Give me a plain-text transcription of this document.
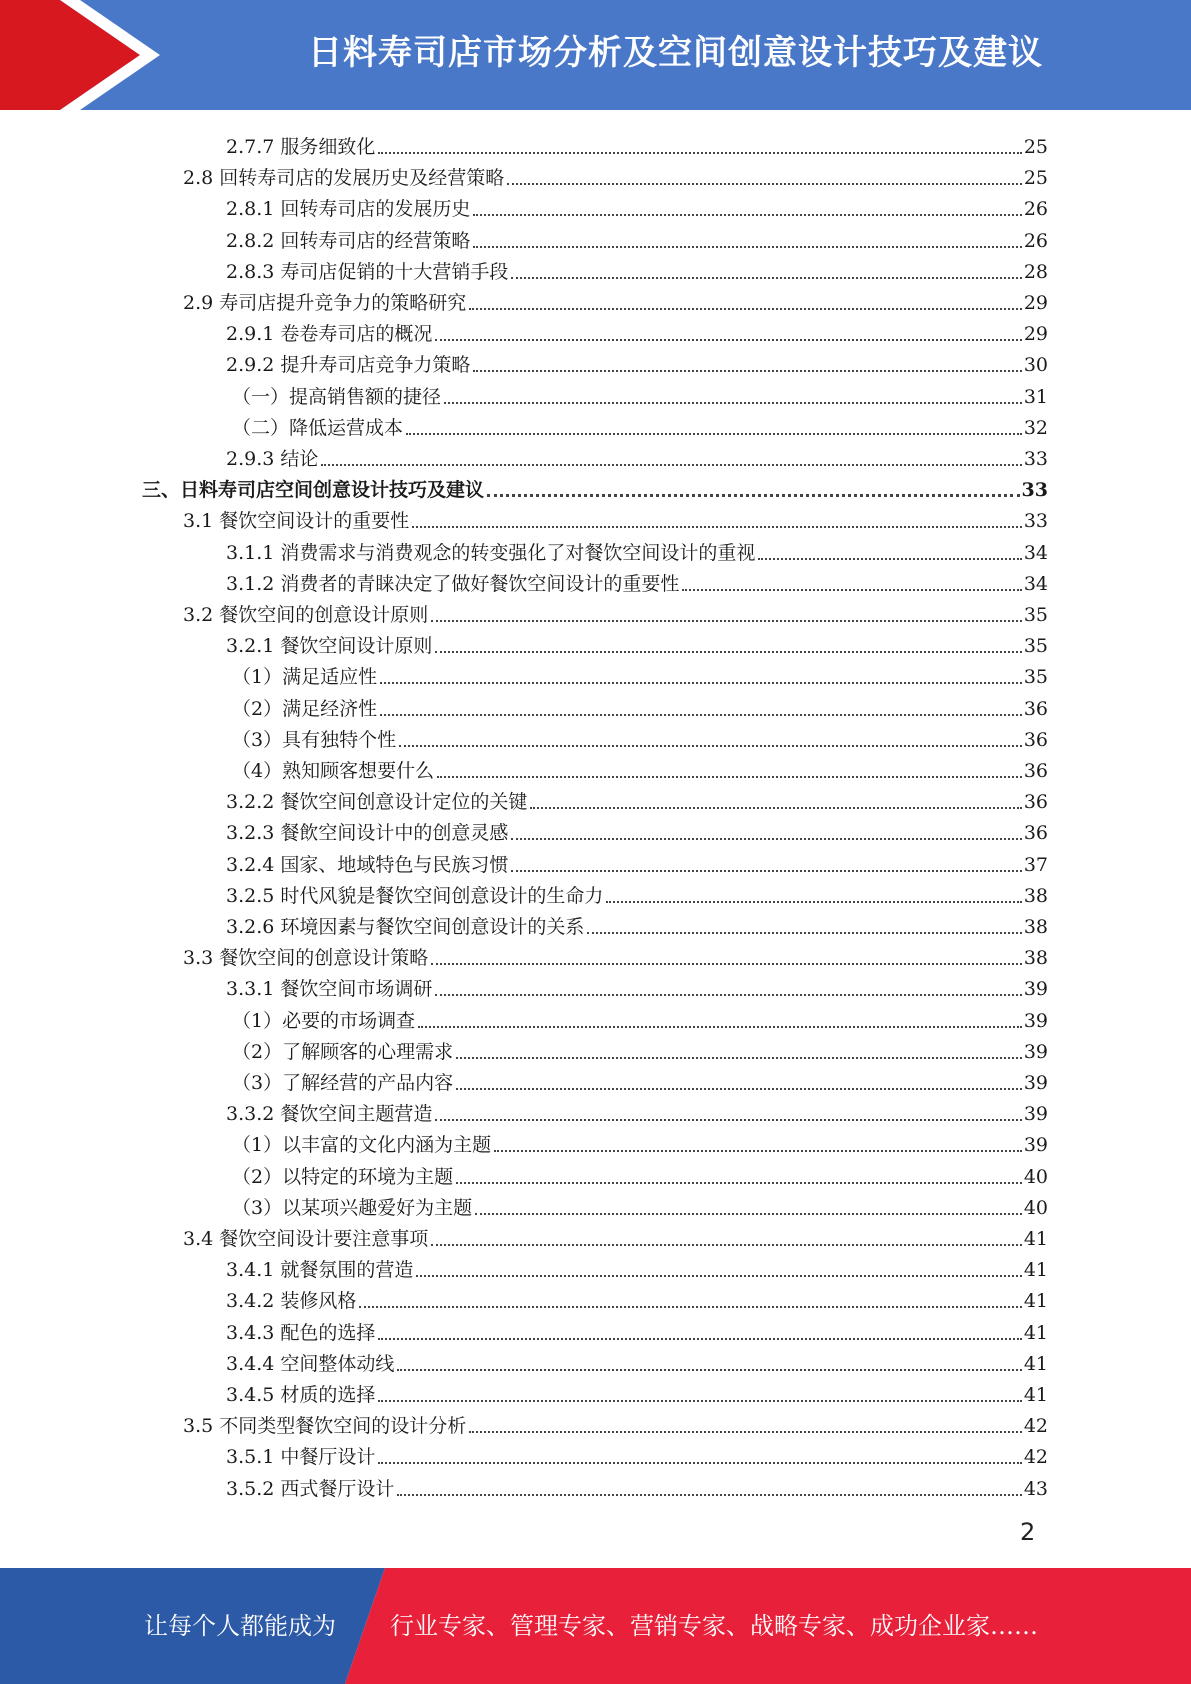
日料寿司店市场分析及空间创意设计技巧及建议
2.7.7 服务细致化	25
2.8 回转寿司店的发展历史及经营策略	25
2.8.1 回转寿司店的发展历史	26
2.8.2 回转寿司店的经营策略	26
2.8.3 寿司店促销的十大营销手段	28
2.9 寿司店提升竞争力的策略研究	29
2.9.1 卷卷寿司店的概况	29
2.9.2 提升寿司店竞争力策略	30
（一）提高销售额的捷径	31
（二）降低运营成本	32
2.9.3 结论	33
三、日料寿司店空间创意设计技巧及建议	33
3.1 餐饮空间设计的重要性	33
3.1.1 消费需求与消费观念的转变强化了对餐饮空间设计的重视	34
3.1.2 消费者的青睐决定了做好餐饮空间设计的重要性	34
3.2 餐饮空间的创意设计原则	35
3.2.1 餐饮空间设计原则	35
（1）满足适应性	35
（2）满足经济性	36
（3）具有独特个性	36
（4）熟知顾客想要什么	36
3.2.2 餐饮空间创意设计定位的关键	36
3.2.3 餐飲空间设计中的创意灵感	36
3.2.4 国家、地域特色与民族习惯	37
3.2.5 时代风貌是餐饮空间创意设计的生命力	38
3.2.6 环境因素与餐饮空间创意设计的关系	38
3.3 餐饮空间的创意设计策略	38
3.3.1 餐饮空间市场调研	39
（1）必要的市场调查	39
（2）了解顾客的心理需求	39
（3）了解经营的产品内容	39
3.3.2 餐饮空间主题营造	39
（1）以丰富的文化内涵为主题	39
（2）以特定的环境为主题	40
（3）以某项兴趣爱好为主题	40
3.4 餐饮空间设计要注意事项	41
3.4.1 就餐氛围的营造	41
3.4.2 装修风格	41
3.4.3 配色的选择	41
3.4.4 空间整体动线	41
3.4.5 材质的选择	41
3.5 不同类型餐饮空间的设计分析	42
3.5.1 中餐厅设计	42
3.5.2 西式餐厅设计	43
2
让每个人都能成为	行业专家、管理专家、营销专家、战略专家、成功企业家……
